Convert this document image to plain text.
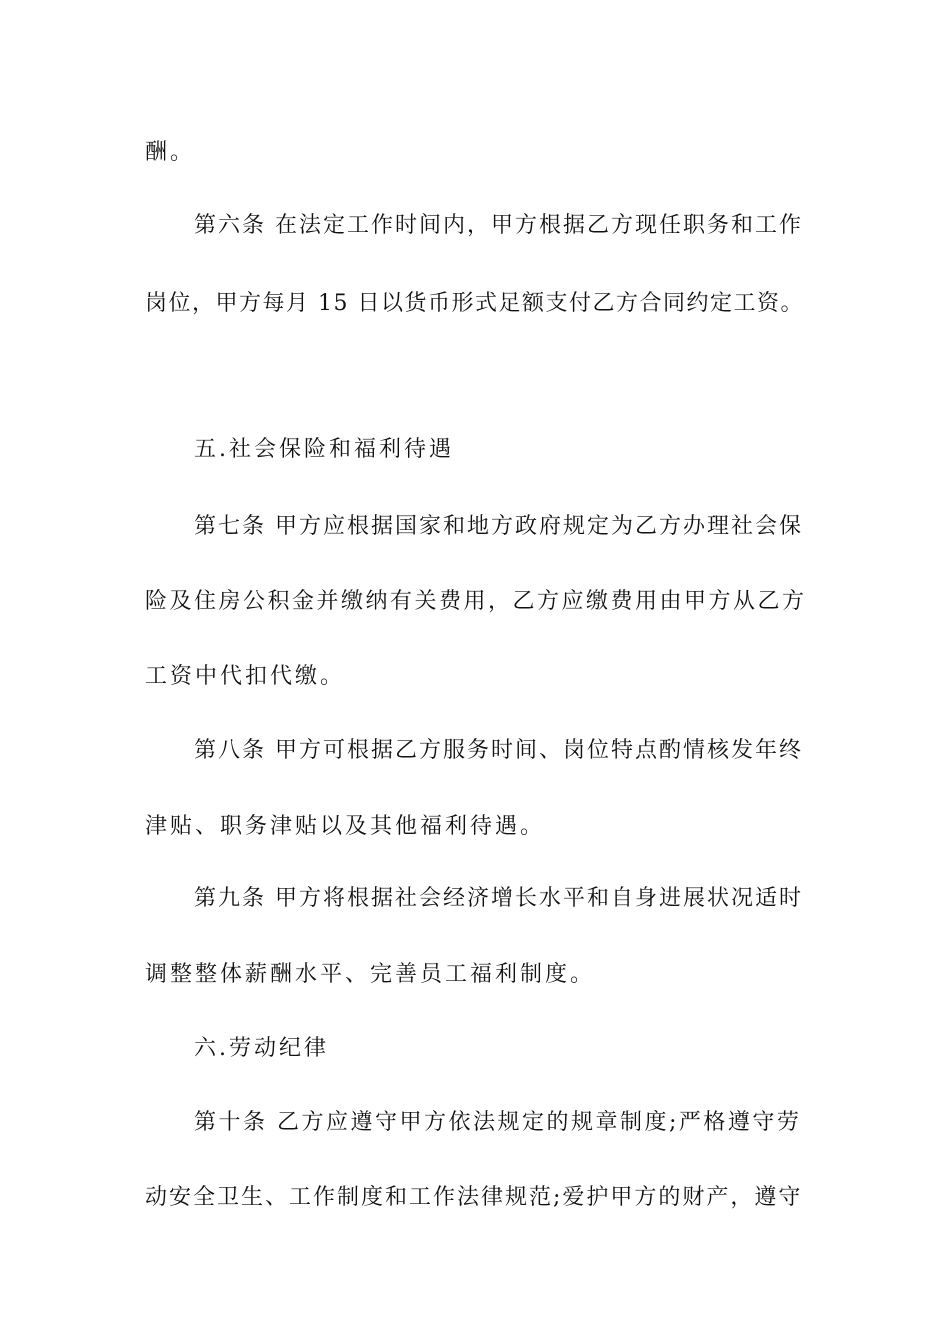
酬。
第六条 在法定工作时间内，甲方根据乙方现任职务和工作
岗位，甲方每月 15 日以货币形式足额支付乙方合同约定工资。
五.社会保险和福利待遇
第七条 甲方应根据国家和地方政府规定为乙方办理社会保
险及住房公积金并缴纳有关费用，乙方应缴费用由甲方从乙方
工资中代扣代缴。
第八条 甲方可根据乙方服务时间、岗位特点酌情核发年终
津贴、职务津贴以及其他福利待遇。
第九条 甲方将根据社会经济增长水平和自身进展状况适时
调整整体薪酬水平、完善员工福利制度。
六.劳动纪律
第十条 乙方应遵守甲方依法规定的规章制度;严格遵守劳
动安全卫生、工作制度和工作法律规范;爱护甲方的财产，遵守
